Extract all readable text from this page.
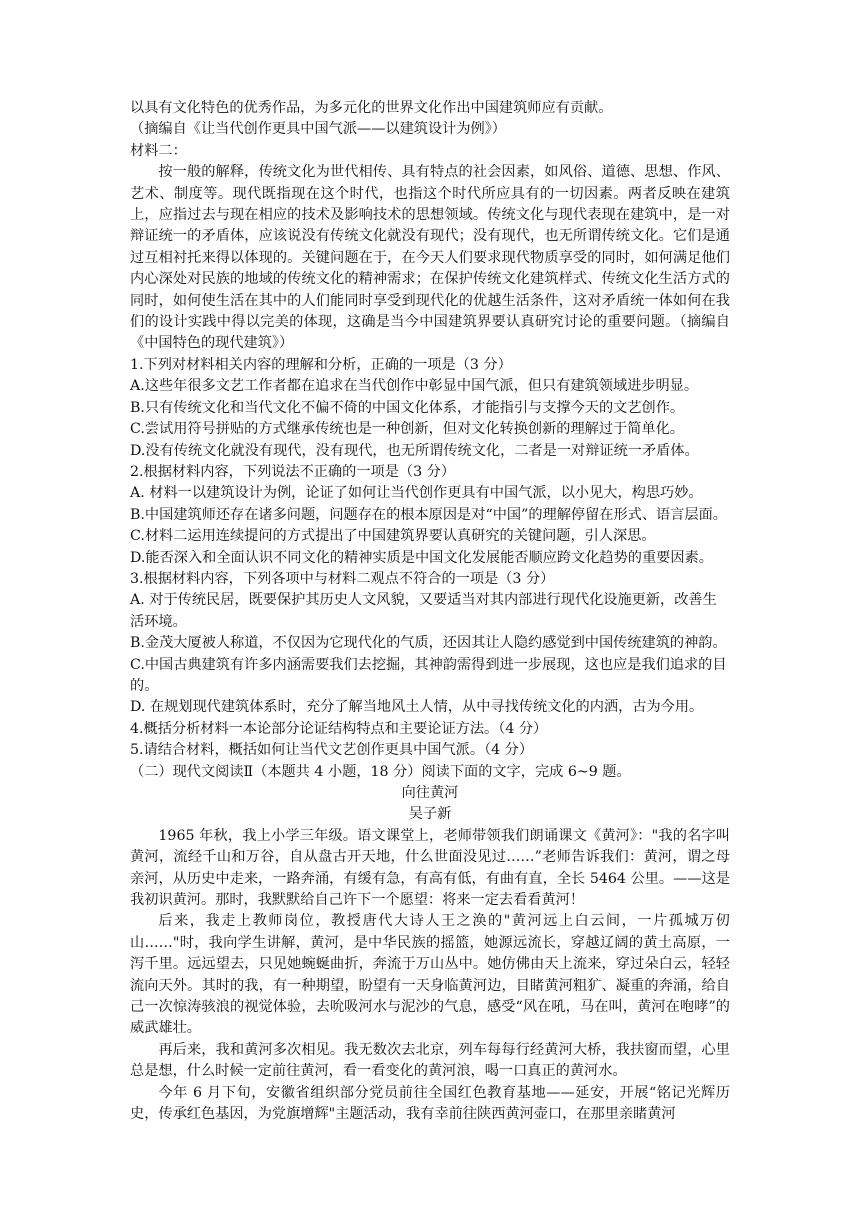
以具有文化特色的优秀作品，为多元化的世界文化作出中国建筑师应有贡献。

（摘编自《让当代创作更具中国气派——以建筑设计为例》）

材料二：

按一般的解释，传统文化为世代相传、具有特点的社会因素，如风俗、道德、思想、作风、艺术、制度等。现代既指现在这个时代，也指这个时代所应具有的一切因素。两者反映在建筑上，应指过去与现在相应的技术及影响技术的思想领域。传统文化与现代表现在建筑中，是一对辩证统一的矛盾体，应该说没有传统文化就没有现代；没有现代，也无所谓传统文化。它们是通过互相衬托来得以体现的。关键问题在于，在今天人们要求现代物质享受的同时，如何满足他们内心深处对民族的地域的传统文化的精神需求；在保护传统文化建筑样式、传统文化生活方式的同时，如何使生活在其中的人们能同时享受到现代化的优越生活条件，这对矛盾统一体如何在我们的设计实践中得以完美的体现，这确是当今中国建筑界要认真研究讨论的重要问题。（摘编自《中国特色的现代建筑》）

1.下列对材料相关内容的理解和分析，正确的一项是（3 分）

A.这些年很多文艺工作者都在追求在当代创作中彰显中国气派，但只有建筑领域进步明显。

B.只有传统文化和当代文化不偏不倚的中国文化体系，才能指引与支撑今天的文艺创作。

C.尝试用符号拼贴的方式继承传统也是一种创新，但对文化转换创新的理解过于简单化。

D.没有传统文化就没有现代，没有现代，也无所谓传统文化，二者是一对辩证统一矛盾体。

2.根据材料内容，下列说法不正确的一项是（3 分）

A. 材料一以建筑设计为例，论证了如何让当代创作更具有中国气派，以小见大，构思巧妙。

B.中国建筑师还存在诸多问题，问题存在的根本原因是对“中国”的理解停留在形式、语言层面。

C.材料二运用连续提问的方式提出了中国建筑界要认真研究的关键问题，引人深思。

D.能否深入和全面认识不同文化的精神实质是中国文化发展能否顺应跨文化趋势的重要因素。

3.根据材料内容，下列各项中与材料二观点不符合的一项是（3 分）

A. 对于传统民居，既要保护其历史人文风貌，又要适当对其内部进行现代化设施更新，改善生活环境。

B.金茂大厦被人称道，不仅因为它现代化的气质，还因其让人隐约感觉到中国传统建筑的神韵。

C.中国古典建筑有许多内涵需要我们去挖掘，其神韵需得到进一步展现，这也应是我们追求的目的。

D. 在规划现代建筑体系时，充分了解当地风土人情，从中寻找传统文化的内洒，古为今用。

4.概括分析材料一本论部分论证结构特点和主要论证方法。（4 分）

5.请结合材料，概括如何让当代文艺创作更具中国气派。（4 分）

（二）现代文阅读Ⅱ（本题共 4 小题，18 分）阅读下面的文字，完成 6~9 题。

向往黄河

吴子新

1965 年秋，我上小学三年级。语文课堂上，老师带领我们朗诵课文《黄河》："我的名字叫黄河，流经千山和万谷，自从盘古开天地，什么世面没见过……”老师告诉我们：黄河，谓之母亲河，从历史中走来，一路奔涌，有缓有急，有高有低，有曲有直，全长 5464 公里。——这是我初识黄河。那时，我默默给自己许下一个愿望：将来一定去看看黄河！

后来，我走上教师岗位，教授唐代大诗人王之涣的"黄河远上白云间，一片孤城万仞山……"时，我向学生讲解，黄河，是中华民族的摇篮，她源远流长，穿越辽阔的黄土高原，一泻千里。远远望去，只见她蜿蜒曲折，奔流于万山丛中。她仿佛由天上流来，穿过朵白云，轻轻流向天外。其时的我，有一种期望，盼望有一天身临黄河边，目睹黄河粗犷、凝重的奔涌，给自己一次惊涛骇浪的视觉体验，去吮吸河水与泥沙的气息，感受“风在吼，马在叫，黄河在咆哮”的威武雄壮。

再后来，我和黄河多次相见。我无数次去北京，列车每每行经黄河大桥，我扶窗而望，心里总是想，什么时候一定前往黄河，看一看变化的黄河浪，喝一口真正的黄河水。

今年 6 月下旬，安徽省组织部分党员前往全国红色教育基地——延安，开展“铭记光辉历史，传承红色基因，为党旗增辉"主题活动，我有幸前往陕西黄河壶口，在那里亲睹黄河
